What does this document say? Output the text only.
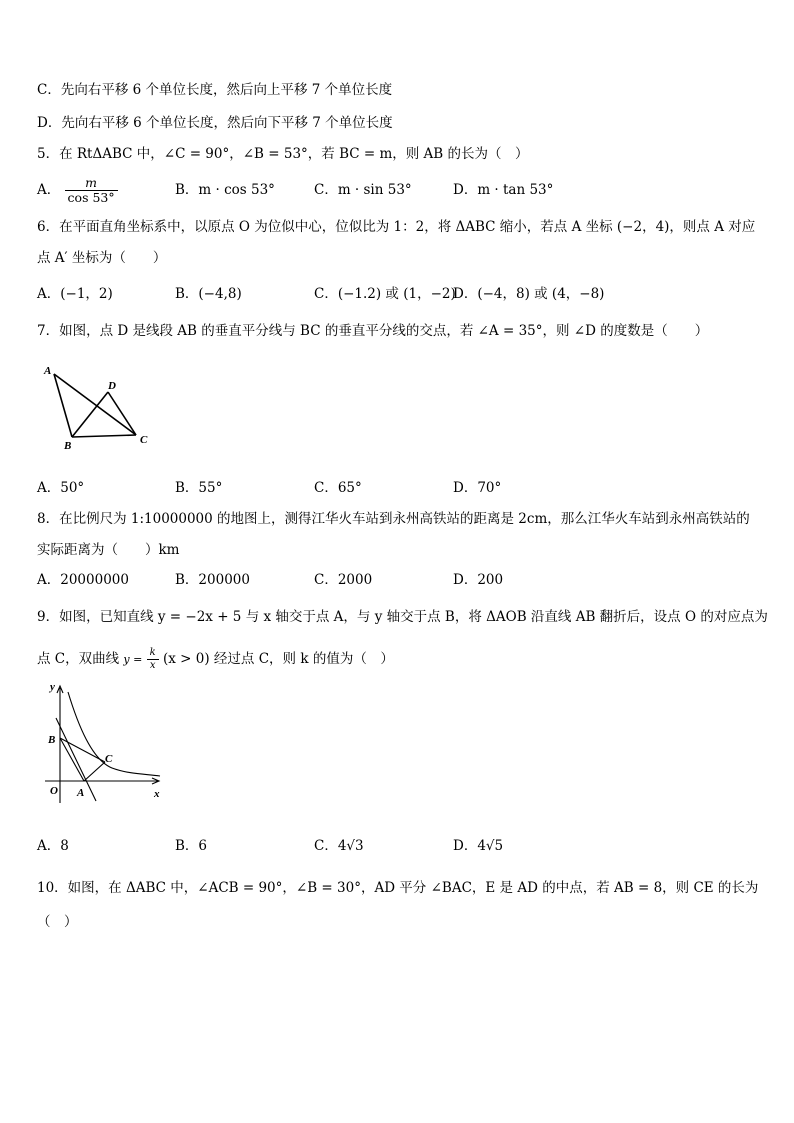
C．先向右平移 6 个单位长度，然后向上平移 7 个单位长度
D．先向右平移 6 个单位长度，然后向下平移 7 个单位长度
5．在 RtΔABC 中，∠C = 90°，∠B = 53°，若 BC = m，则 AB 的长为（　）
A． $\frac{m}{\cos 53^\circ}$	B．m · cos 53°	C．m · sin 53°	D．m · tan 53°
6．在平面直角坐标系中，以原点 O 为位似中心，位似比为 1：2，将 ΔABC 缩小，若点 A 坐标 (−2，4)，则点 A 对应
点 A′ 坐标为（　　）
A．(−1，2)	B．(−4,8)	C．(−1.2) 或 (1，−2)
D．(−4，8) 或 (4，−8)
7．如图，点 D 是线段 AB 的垂直平分线与 BC 的垂直平分线的交点，若 ∠A = 35°，则 ∠D 的度数是（　　）
A
D
B	C
A．50°	B．55°	C．65°	D．70°
8．在比例尺为 1:10000000 的地图上，测得江华火车站到永州高铁站的距离是 2cm，那么江华火车站到永州高铁站的
实际距离为（　　）km
A．20000000	B．200000	C．2000	D．200
9．如图，已知直线 y = −2x + 5 与 x 轴交于点 A，与 y 轴交于点 B，将 ΔAOB 沿直线 AB 翻折后，设点 O 的对应点为
点 C，双曲线 $y = \frac{k}{x} (x > 0)$ 经过点 C，则 k 的值为（　）
y
x
O A
B
C
A．8	B．6	C．4√3	D．4√5
10．如图，在 ΔABC 中，∠ACB = 90°，∠B = 30°，AD 平分 ∠BAC，E 是 AD 的中点，若 AB = 8，则 CE 的长为
（　）
